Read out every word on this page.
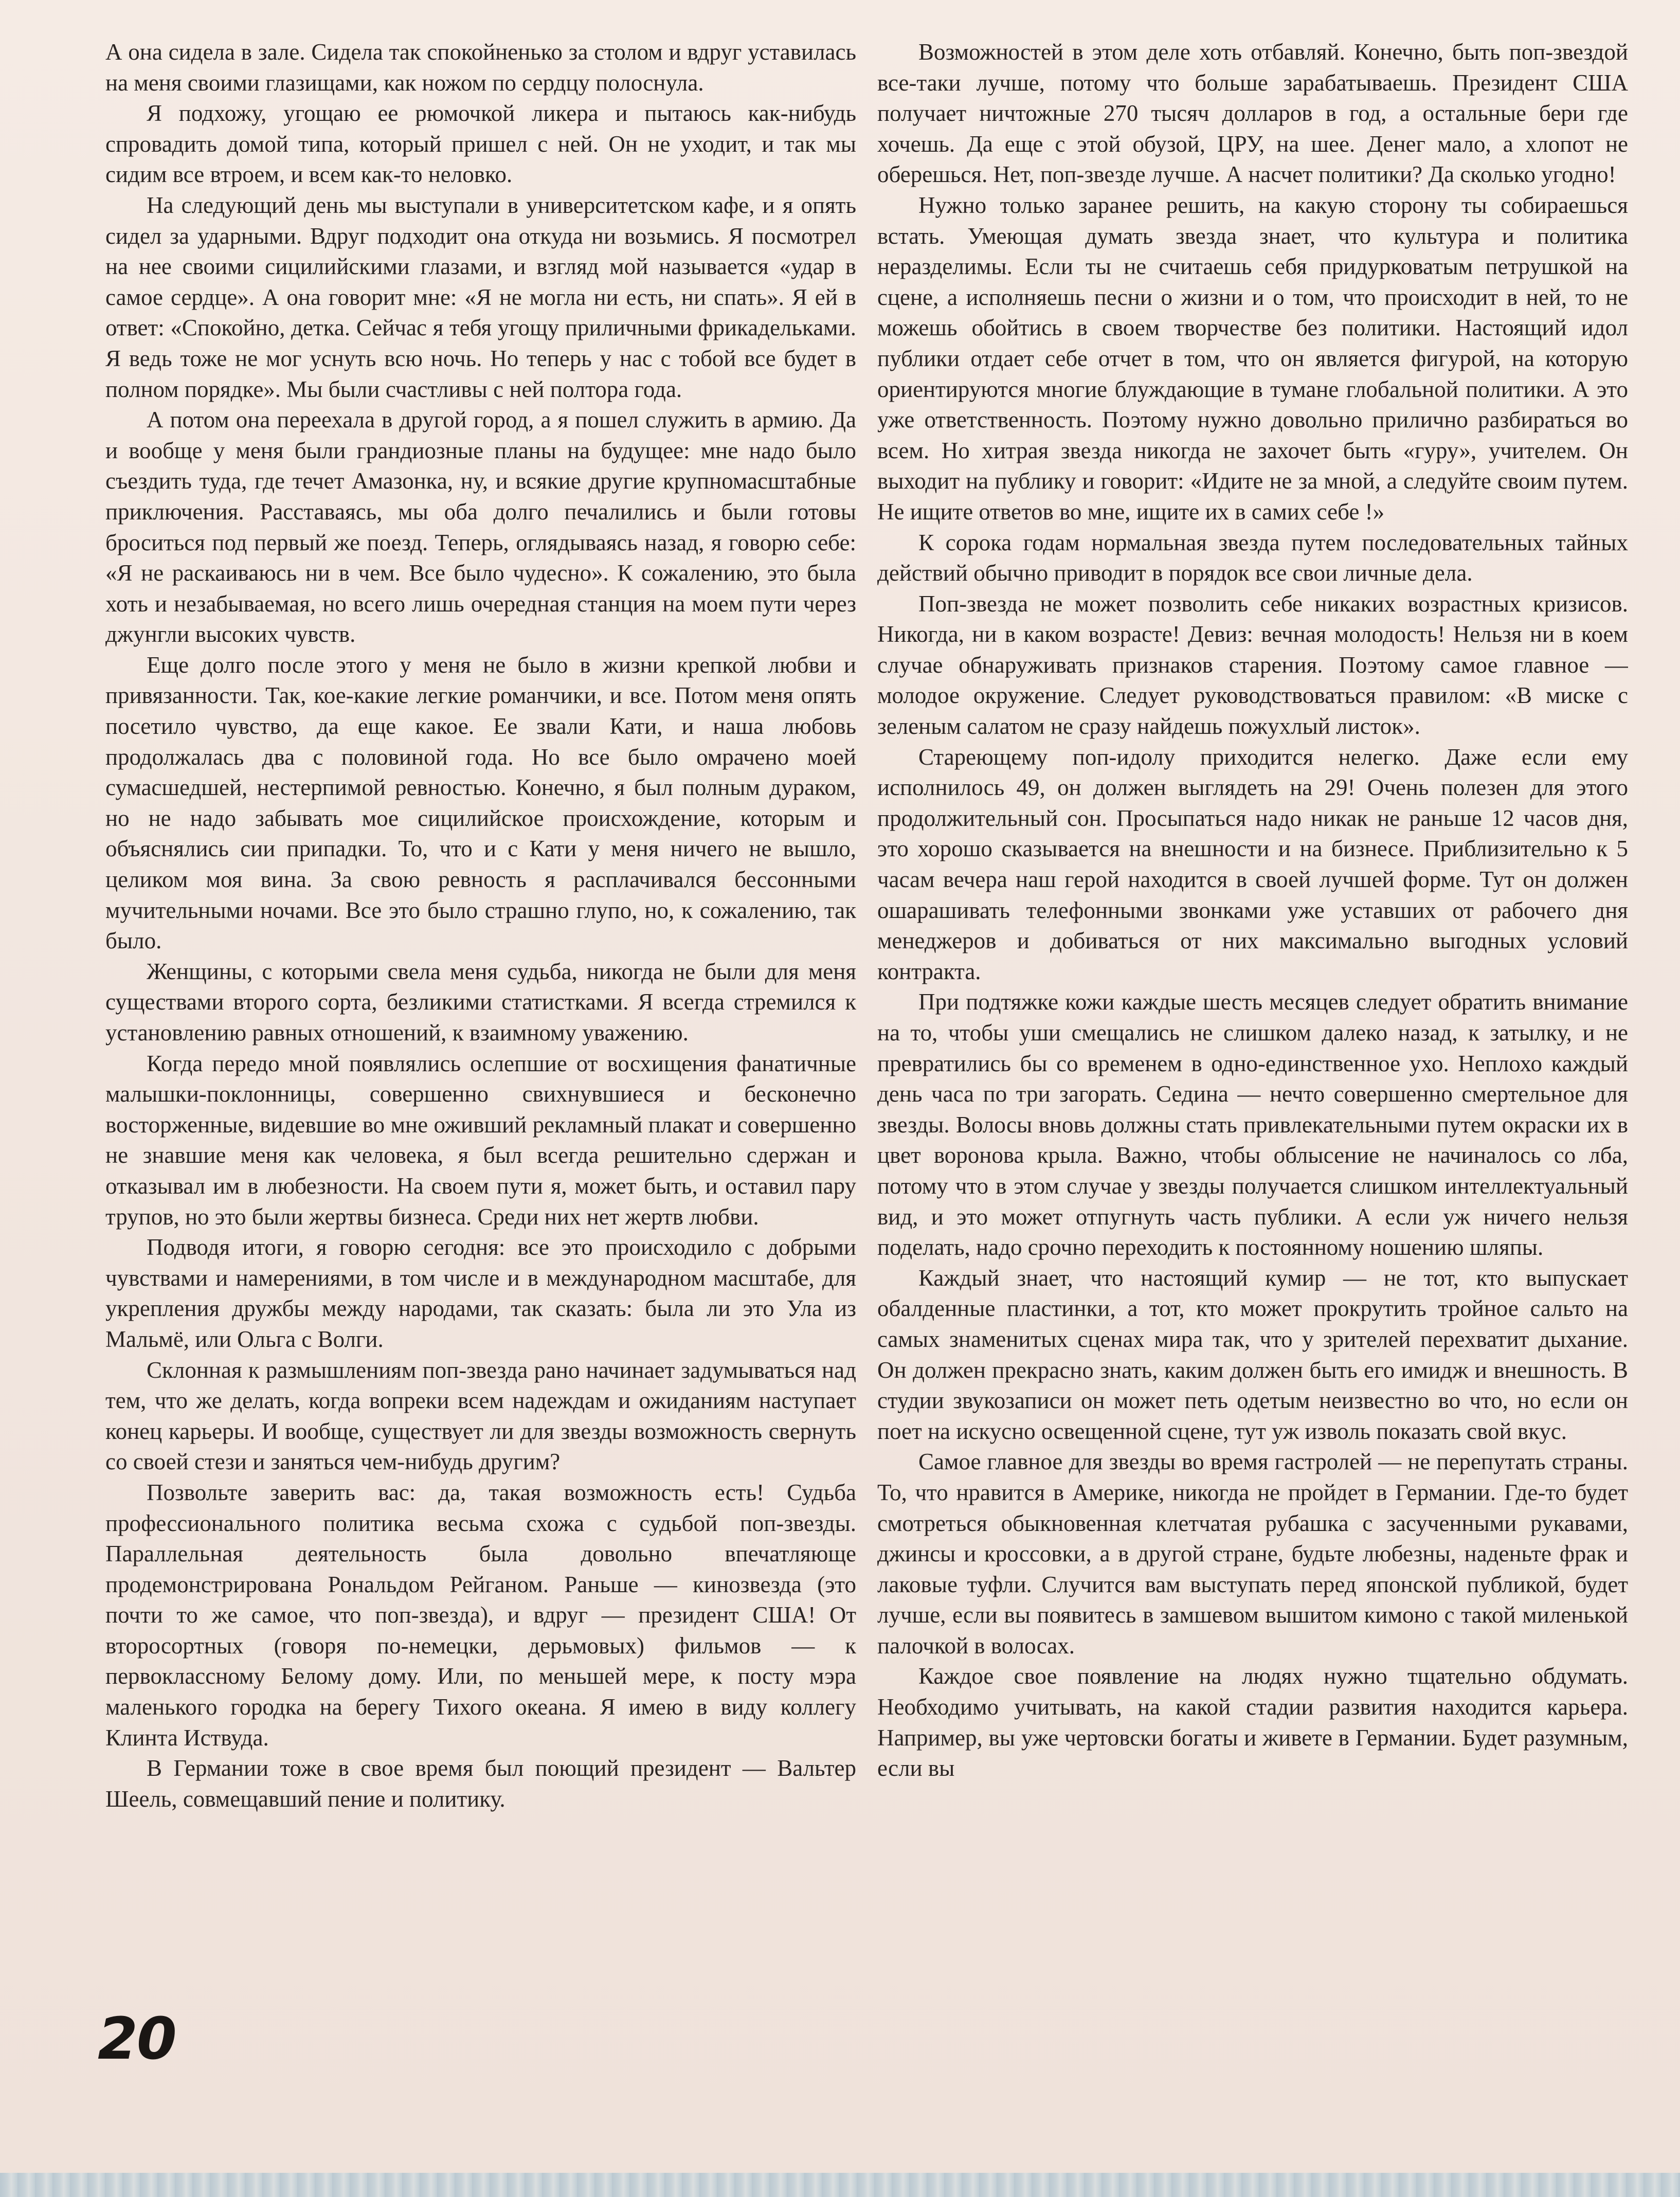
А она сидела в зале. Сидела так спокойненько за столом и вдруг уставилась на меня своими глазищами, как ножом по сердцу полоснула.

Я подхожу, угощаю ее рюмочкой ликера и пытаюсь как-нибудь спровадить домой типа, который пришел с ней. Он не уходит, и так мы сидим все втроем, и всем как-то неловко.

На следующий день мы выступали в университетском кафе, и я опять сидел за ударными. Вдруг подходит она откуда ни возьмись. Я посмотрел на нее своими сицилийскими глазами, и взгляд мой называется «удар в самое сердце». А она говорит мне: «Я не могла ни есть, ни спать». Я ей в ответ: «Спокойно, детка. Сейчас я тебя угощу приличными фрикадельками. Я ведь тоже не мог уснуть всю ночь. Но теперь у нас с тобой все будет в полном порядке». Мы были счастливы с ней полтора года.

А потом она переехала в другой город, а я пошел служить в армию. Да и вообще у меня были грандиозные планы на будущее: мне надо было съездить туда, где течет Амазонка, ну, и всякие другие крупномасштабные приключения. Расставаясь, мы оба долго печалились и были готовы броситься под первый же поезд. Теперь, оглядываясь назад, я говорю себе: «Я не раскаиваюсь ни в чем. Все было чудесно». К сожалению, это была хоть и незабываемая, но всего лишь очередная станция на моем пути через джунгли высоких чувств.

Еще долго после этого у меня не было в жизни крепкой любви и привязанности. Так, кое-какие легкие романчики, и все. Потом меня опять посетило чувство, да еще какое. Ее звали Кати, и наша любовь продолжалась два с половиной года. Но все было омрачено моей сумасшедшей, нестерпимой ревностью. Конечно, я был полным дураком, но не надо забывать мое сицилийское происхождение, которым и объяснялись сии припадки. То, что и с Кати у меня ничего не вышло, целиком моя вина. За свою ревность я расплачивался бессонными мучительными ночами. Все это было страшно глупо, но, к сожалению, так было.

Женщины, с которыми свела меня судьба, никогда не были для меня существами второго сорта, безликими статистками. Я всегда стремился к установлению равных отношений, к взаимному уважению.

Когда передо мной появлялись ослепшие от восхищения фанатичные малышки-поклонницы, совершенно свихнувшиеся и бесконечно восторженные, видевшие во мне оживший рекламный плакат и совершенно не знавшие меня как человека, я был всегда решительно сдержан и отказывал им в любезности. На своем пути я, может быть, и оставил пару трупов, но это были жертвы бизнеса. Среди них нет жертв любви.

Подводя итоги, я говорю сегодня: все это происходило с добрыми чувствами и намерениями, в том числе и в международном масштабе, для укрепления дружбы между народами, так сказать: была ли это Ула из Мальмё, или Ольга с Волги.

Склонная к размышлениям поп-звезда рано начинает задумываться над тем, что же делать, когда вопреки всем надеждам и ожиданиям наступает конец карьеры. И вообще, существует ли для звезды возможность свернуть со своей стези и заняться чем-нибудь другим?

Позвольте заверить вас: да, такая возможность есть! Судьба профессионального политика весьма схожа с судьбой поп-звезды. Параллельная деятельность была довольно впечатляюще продемонстрирована Рональдом Рейганом. Раньше — кинозвезда (это почти то же самое, что поп-звезда), и вдруг — президент США! От второсортных (говоря по-немецки, дерьмовых) фильмов — к первоклассному Белому дому. Или, по меньшей мере, к посту мэра маленького городка на берегу Тихого океана. Я имею в виду коллегу Клинта Иствуда.

В Германии тоже в свое время был поющий президент — Вальтер Шеель, совмещавший пение и политику.

Возможностей в этом деле хоть отбавляй. Конечно, быть поп-звездой все-таки лучше, потому что больше зарабатываешь. Президент США получает ничтожные 270 тысяч долларов в год, а остальные бери где хочешь. Да еще с этой обузой, ЦРУ, на шее. Денег мало, а хлопот не оберешься. Нет, поп-звезде лучше. А насчет политики? Да сколько угодно!

Нужно только заранее решить, на какую сторону ты собираешься встать. Умеющая думать звезда знает, что культура и политика неразделимы. Если ты не считаешь себя придурковатым петрушкой на сцене, а исполняешь песни о жизни и о том, что происходит в ней, то не можешь обойтись в своем творчестве без политики. Настоящий идол публики отдает себе отчет в том, что он является фигурой, на которую ориентируются многие блуждающие в тумане глобальной политики. А это уже ответственность. Поэтому нужно довольно прилично разбираться во всем. Но хитрая звезда никогда не захочет быть «гуру», учителем. Он выходит на публику и говорит: «Идите не за мной, а следуйте своим путем. Не ищите ответов во мне, ищите их в самих себе !»

К сорока годам нормальная звезда путем последовательных тайных действий обычно приводит в порядок все свои личные дела.

Поп-звезда не может позволить себе никаких возрастных кризисов. Никогда, ни в каком возрасте! Девиз: вечная молодость! Нельзя ни в коем случае обнаруживать признаков старения. Поэтому самое главное — молодое окружение. Следует руководствоваться правилом: «В миске с зеленым салатом не сразу найдешь пожухлый листок».

Стареющему поп-идолу приходится нелегко. Даже если ему исполнилось 49, он должен выглядеть на 29! Очень полезен для этого продолжительный сон. Просыпаться надо никак не раньше 12 часов дня, это хорошо сказывается на внешности и на бизнесе. Приблизительно к 5 часам вечера наш герой находится в своей лучшей форме. Тут он должен ошарашивать телефонными звонками уже уставших от рабочего дня менеджеров и добиваться от них максимально выгодных условий контракта.

При подтяжке кожи каждые шесть месяцев следует обратить внимание на то, чтобы уши смещались не слишком далеко назад, к затылку, и не превратились бы со временем в одно-единственное ухо. Неплохо каждый день часа по три загорать. Седина — нечто совершенно смертельное для звезды. Волосы вновь должны стать привлекательными путем окраски их в цвет воронова крыла. Важно, чтобы облысение не начиналось со лба, потому что в этом случае у звезды получается слишком интеллектуальный вид, и это может отпугнуть часть публики. А если уж ничего нельзя поделать, надо срочно переходить к постоянному ношению шляпы.

Каждый знает, что настоящий кумир — не тот, кто выпускает обалденные пластинки, а тот, кто может прокрутить тройное сальто на самых знаменитых сценах мира так, что у зрителей перехватит дыхание. Он должен прекрасно знать, каким должен быть его имидж и внешность. В студии звукозаписи он может петь одетым неизвестно во что, но если он поет на искусно освещенной сцене, тут уж изволь показать свой вкус.

Самое главное для звезды во время гастролей — не перепутать страны. То, что нравится в Америке, никогда не пройдет в Германии. Где-то будет смотреться обыкновенная клетчатая рубашка с засученными рукавами, джинсы и кроссовки, а в другой стране, будьте любезны, наденьте фрак и лаковые туфли. Случится вам выступать перед японской публикой, будет лучше, если вы появитесь в замшевом вышитом кимоно с такой миленькой палочкой в волосах.

Каждое свое появление на людях нужно тщательно обдумать. Необходимо учитывать, на какой стадии развития находится карьера. Например, вы уже чертовски богаты и живете в Германии. Будет разумным, если вы

20
